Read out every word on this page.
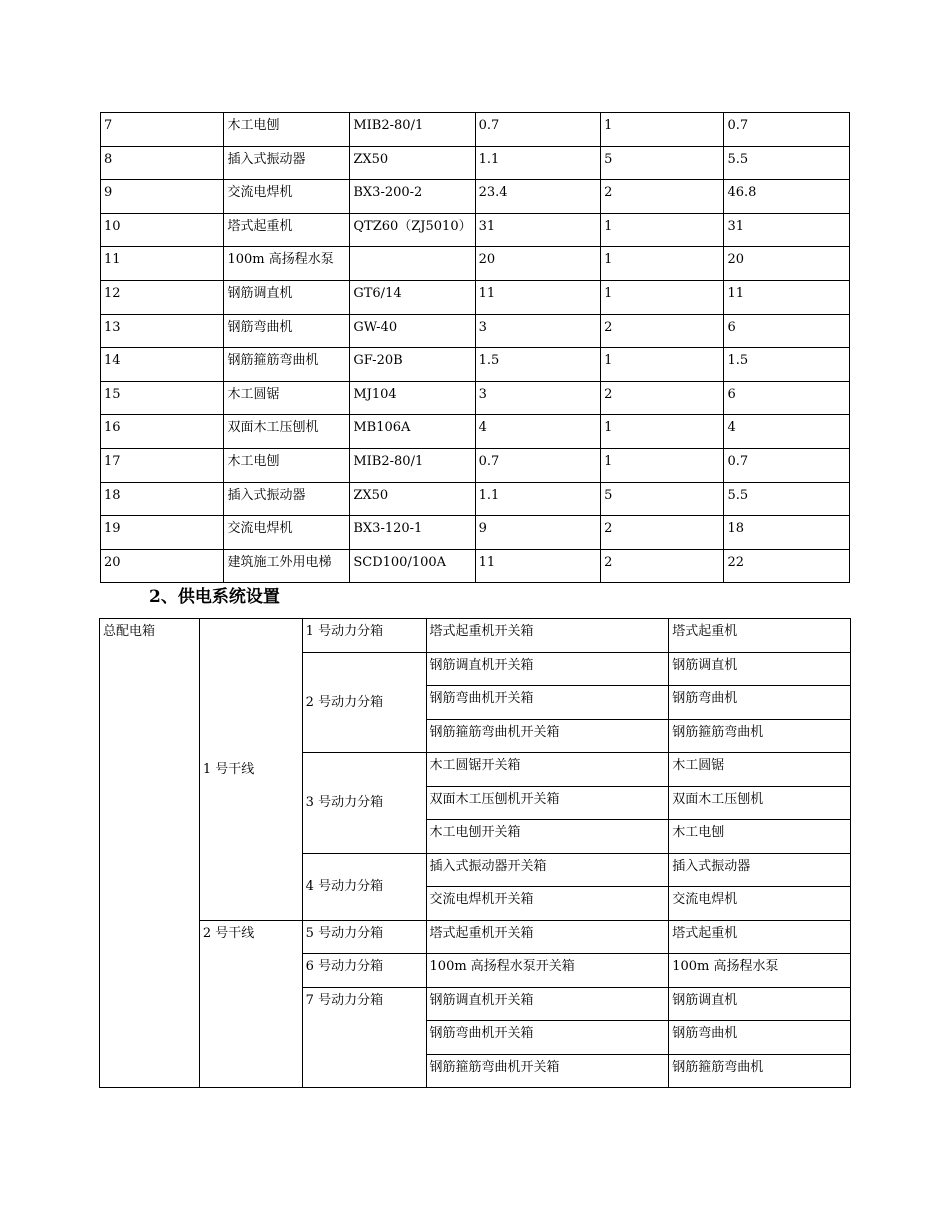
7	木工电刨	MIB2-80/1	0.7	1	0.7
8	插入式振动器	ZX50	1.1	5	5.5
9	交流电焊机	BX3-200-2	23.4	2	46.8
10	塔式起重机	QTZ60（ZJ5010）	31	1	31
11	100m 高扬程水泵		20	1	20
12	钢筋调直机	GT6/14	11	1	11
13	钢筋弯曲机	GW-40	3	2	6
14	钢筋箍筋弯曲机	GF-20B	1.5	1	1.5
15	木工圆锯	MJ104	3	2	6
16	双面木工压刨机	MB106A	4	1	4
17	木工电刨	MIB2-80/1	0.7	1	0.7
18	插入式振动器	ZX50	1.1	5	5.5
19	交流电焊机	BX3-120-1	9	2	18
20	建筑施工外用电梯	SCD100/100A	11	2	22
2、供电系统设置
总配电箱	1 号干线	1 号动力分箱	塔式起重机开关箱	塔式起重机
		2 号动力分箱	钢筋调直机开关箱	钢筋调直机
			钢筋弯曲机开关箱	钢筋弯曲机
			钢筋箍筋弯曲机开关箱	钢筋箍筋弯曲机
		3 号动力分箱	木工圆锯开关箱	木工圆锯
			双面木工压刨机开关箱	双面木工压刨机
			木工电刨开关箱	木工电刨
		4 号动力分箱	插入式振动器开关箱	插入式振动器
			交流电焊机开关箱	交流电焊机
	2 号干线	5 号动力分箱	塔式起重机开关箱	塔式起重机
		6 号动力分箱	100m 高扬程水泵开关箱	100m 高扬程水泵
		7 号动力分箱	钢筋调直机开关箱	钢筋调直机
			钢筋弯曲机开关箱	钢筋弯曲机
			钢筋箍筋弯曲机开关箱	钢筋箍筋弯曲机
